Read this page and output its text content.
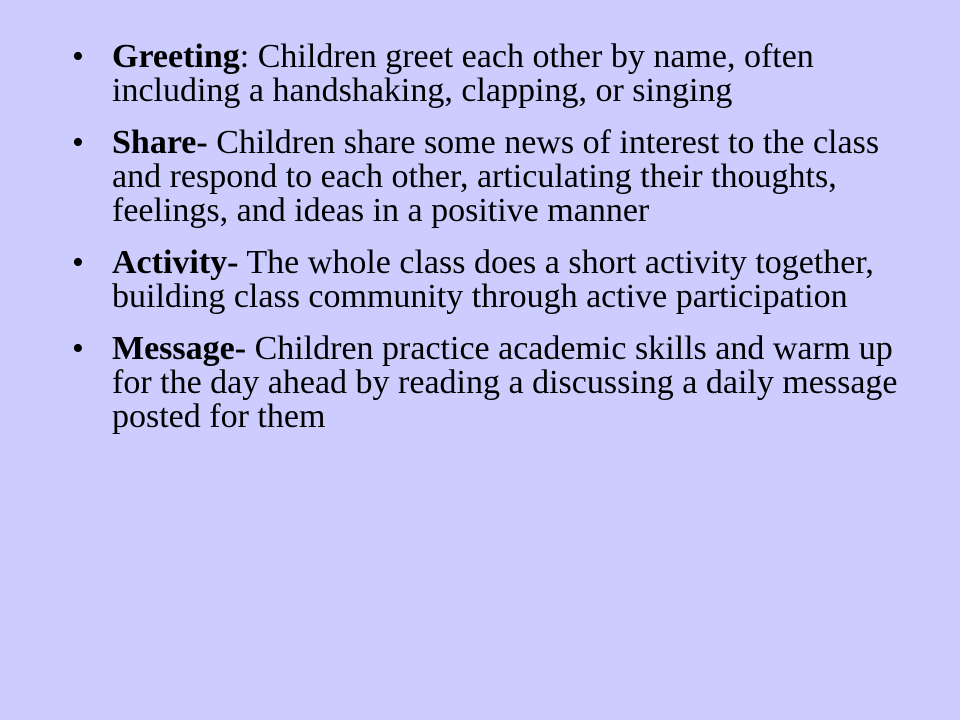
• Greeting: Children greet each other by name, often including a handshaking, clapping, or singing
• Share- Children share some news of interest to the class and respond to each other, articulating their thoughts, feelings, and ideas in a positive manner
• Activity- The whole class does a short activity together, building class community through active participation
• Message- Children practice academic skills and warm up for the day ahead by reading a discussing a daily message posted for them
